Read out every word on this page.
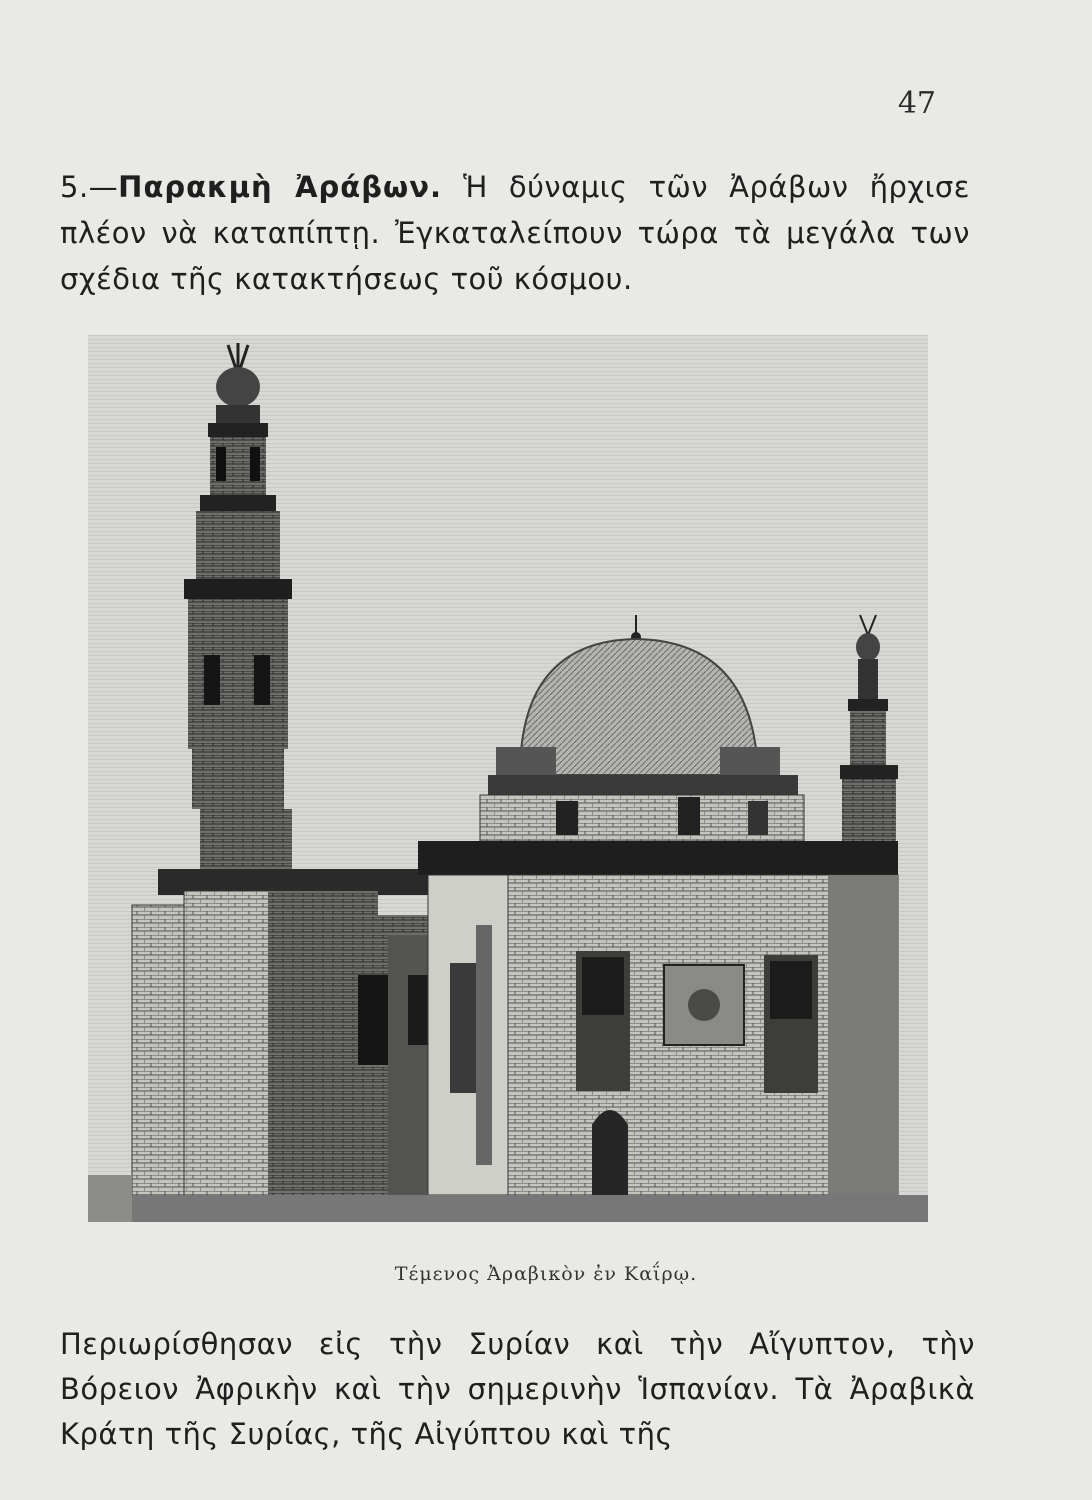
47
5.—Παρακμὴ Ἀράβων. Ἡ δύναμις τῶν Ἀράβων ἤρχισε πλέον νὰ καταπίπτῃ. Ἐγκαταλείπουν τώρα τὰ μεγάλα των σχέδια τῆς κατακτήσεως τοῦ κόσμου.
Τέμενος Ἀραβικὸν ἐν Καΐρῳ.
Περιωρίσθησαν εἰς τὴν Συρίαν καὶ τὴν Αἴγυπτον, τὴν Βόρειον Ἀφρικὴν καὶ τὴν σημερινὴν Ἱσπανίαν. Τὰ Ἀραβικὰ Κράτη τῆς Συρίας, τῆς Αἰγύπτου καὶ τῆς
